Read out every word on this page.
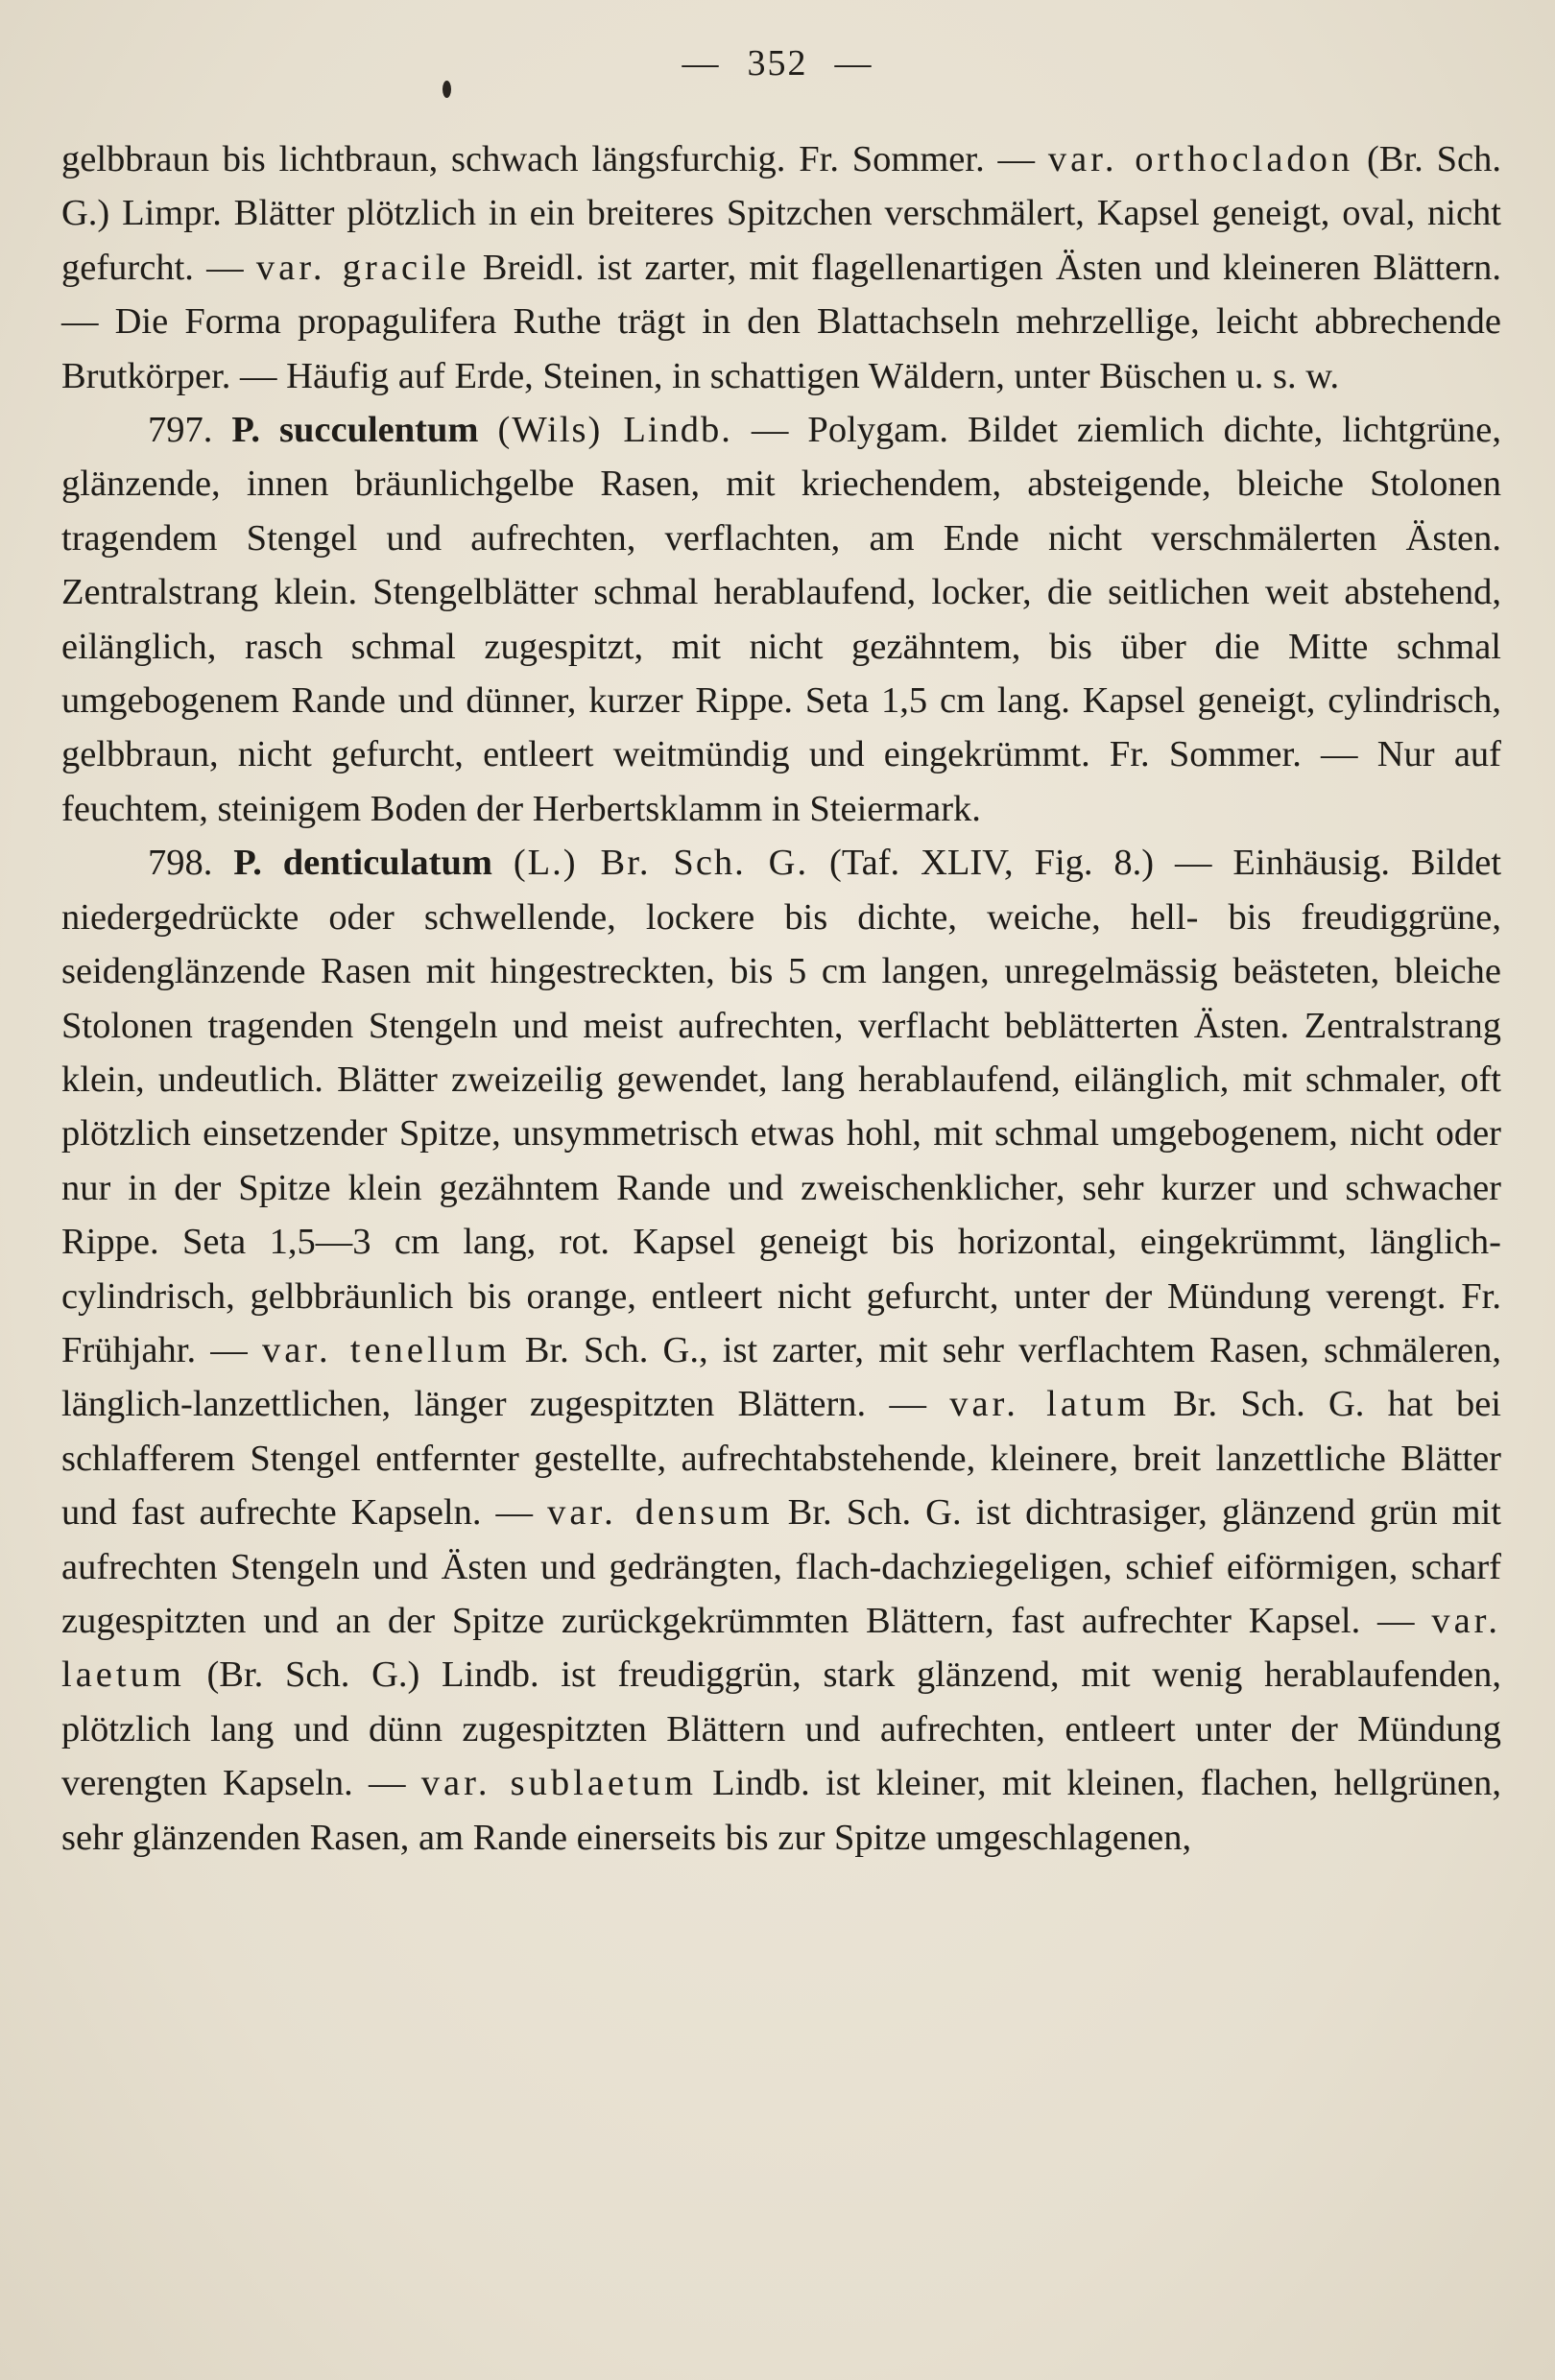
— 352 —

gelbbraun bis lichtbraun, schwach längsfurchig. Fr. Sommer. — var. orthocladon (Br. Sch. G.) Limpr. Blätter plötzlich in ein breiteres Spitzchen verschmälert, Kapsel geneigt, oval, nicht gefurcht. — var. gracile Breidl. ist zarter, mit flagellenartigen Ästen und kleineren Blättern. — Die Forma propagulifera Ruthe trägt in den Blattachseln mehrzellige, leicht abbrechende Brutkörper. — Häufig auf Erde, Steinen, in schattigen Wäldern, unter Büschen u. s. w.

797. P. succulentum (Wils) Lindb. — Polygam. Bildet ziemlich dichte, lichtgrüne, glänzende, innen bräunlichgelbe Rasen, mit kriechendem, absteigende, bleiche Stolonen tragendem Stengel und aufrechten, verflachten, am Ende nicht verschmälerten Ästen. Zentralstrang klein. Stengelblätter schmal herablaufend, locker, die seitlichen weit abstehend, eilänglich, rasch schmal zugespitzt, mit nicht gezähntem, bis über die Mitte schmal umgebogenem Rande und dünner, kurzer Rippe. Seta 1,5 cm lang. Kapsel geneigt, cylindrisch, gelbbraun, nicht gefurcht, entleert weitmündig und eingekrümmt. Fr. Sommer. — Nur auf feuchtem, steinigem Boden der Herbertsklamm in Steiermark.

798. P. denticulatum (L.) Br. Sch. G. (Taf. XLIV, Fig. 8.) — Einhäusig. Bildet niedergedrückte oder schwellende, lockere bis dichte, weiche, hell- bis freudiggrüne, seidenglänzende Rasen mit hingestreckten, bis 5 cm langen, unregelmässig beästeten, bleiche Stolonen tragenden Stengeln und meist aufrechten, verflacht beblätterten Ästen. Zentralstrang klein, undeutlich. Blätter zweizeilig gewendet, lang herablaufend, eilänglich, mit schmaler, oft plötzlich einsetzender Spitze, unsymmetrisch etwas hohl, mit schmal umgebogenem, nicht oder nur in der Spitze klein gezähntem Rande und zweischenklicher, sehr kurzer und schwacher Rippe. Seta 1,5—3 cm lang, rot. Kapsel geneigt bis horizontal, eingekrümmt, länglich-cylindrisch, gelbbräunlich bis orange, entleert nicht gefurcht, unter der Mündung verengt. Fr. Frühjahr. — var. tenellum Br. Sch. G., ist zarter, mit sehr verflachtem Rasen, schmäleren, länglich-lanzettlichen, länger zugespitzten Blättern. — var. latum Br. Sch. G. hat bei schlafferem Stengel entfernter gestellte, aufrechtabstehende, kleinere, breit lanzettliche Blätter und fast aufrechte Kapseln. — var. densum Br. Sch. G. ist dichtrasiger, glänzend grün mit aufrechten Stengeln und Ästen und gedrängten, flach-dachziegeligen, schief eiförmigen, scharf zugespitzten und an der Spitze zurückgekrümmten Blättern, fast aufrechter Kapsel. — var. laetum (Br. Sch. G.) Lindb. ist freudiggrün, stark glänzend, mit wenig herablaufenden, plötzlich lang und dünn zugespitzten Blättern und aufrechten, entleert unter der Mündung verengten Kapseln. — var. sublaetum Lindb. ist kleiner, mit kleinen, flachen, hellgrünen, sehr glänzenden Rasen, am Rande einerseits bis zur Spitze umgeschlagenen,
